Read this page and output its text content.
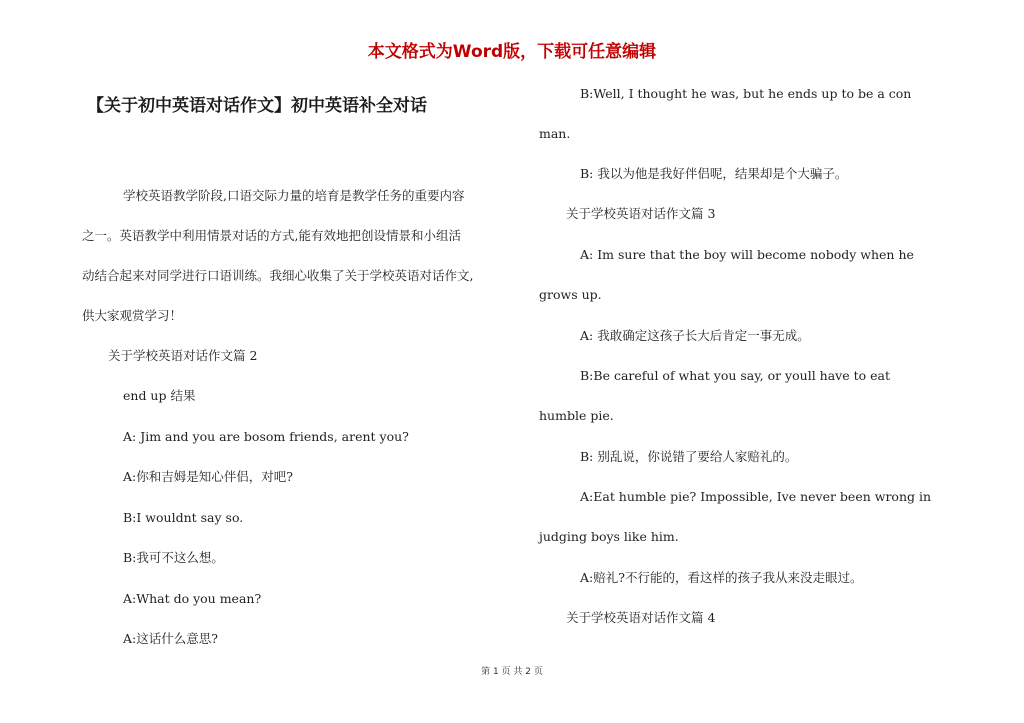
本文格式为Word版，下载可任意编辑
【关于初中英语对话作文】初中英语补全对话
学校英语教学阶段,口语交际力量的培育是教学任务的重要内容
之一。英语教学中利用情景对话的方式,能有效地把创设情景和小组活
动结合起来对同学进行口语训练。我细心收集了关于学校英语对话作文,
供大家观赏学习！
关于学校英语对话作文篇 2
end up 结果
A: Jim and you are bosom friends, arent you?
A:你和吉姆是知心伴侣，对吧?
B:I wouldnt say so.
B:我可不这么想。
A:What do you mean?
A:这话什么意思?
B:Well, I thought he was, but he ends up to be a con
man.
B: 我以为他是我好伴侣呢，结果却是个大骗子。
关于学校英语对话作文篇 3
A: Im sure that the boy will become nobody when he
grows up.
A: 我敢确定这孩子长大后肯定一事无成。
B:Be careful of what you say, or youll have to eat
humble pie.
B: 别乱说，你说错了要给人家赔礼的。
A:Eat humble pie? Impossible, Ive never been wrong in
judging boys like him.
A:赔礼?不行能的，看这样的孩子我从来没走眼过。
关于学校英语对话作文篇 4
第 1 页 共 2 页
